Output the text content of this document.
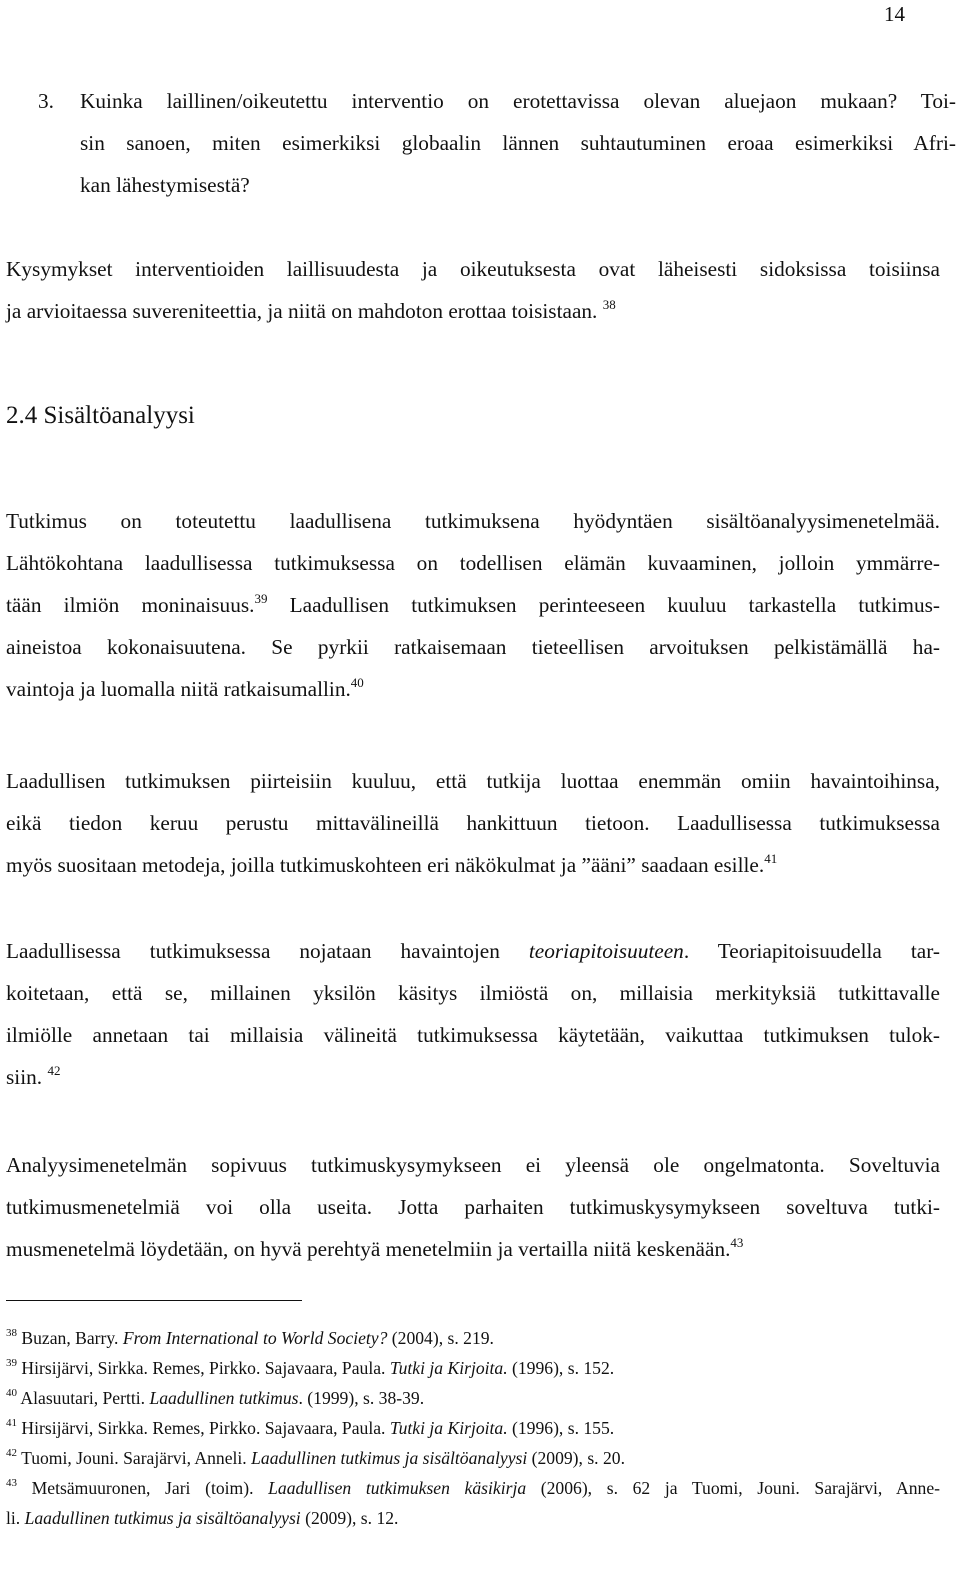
14
3. Kuinka laillinen/oikeutettu interventio on erotettavissa olevan aluejaon mukaan? Toi-
sin sanoen, miten esimerkiksi globaalin lännen suhtautuminen eroaa esimerkiksi Afri-
kan lähestymisestä?
Kysymykset interventioiden laillisuudesta ja oikeutuksesta ovat läheisesti sidoksissa toisiinsa
ja arvioitaessa suvereniteettia, ja niitä on mahdoton erottaa toisistaan. $^{38}$
2.4 Sisältöanalyysi
Tutkimus on toteutettu laadullisena tutkimuksena hyödyntäen sisältöanalyysimenetelmää.
Lähtökohtana laadullisessa tutkimuksessa on todellisen elämän kuvaaminen, jolloin ymmärre-
tään ilmiön moninaisuus.$^{39}$ Laadullisen tutkimuksen perinteeseen kuuluu tarkastella tutkimus-
aineistoa kokonaisuutena. Se pyrkii ratkaisemaan tieteellisen arvoituksen pelkistämällä ha-
vaintoja ja luomalla niitä ratkaisumallin.$^{40}$
Laadullisen tutkimuksen piirteisiin kuuluu, että tutkija luottaa enemmän omiin havaintoihinsa,
eikä tiedon keruu perustu mittavälineillä hankittuun tietoon. Laadullisessa tutkimuksessa
myös suositaan metodeja, joilla tutkimuskohteen eri näkökulmat ja ”ääni” saadaan esille.$^{41}$
Laadullisessa tutkimuksessa nojataan havaintojen teoriapitoisuuteen. Teoriapitoisuudella tar-
koitetaan, että se, millainen yksilön käsitys ilmiöstä on, millaisia merkityksiä tutkittavalle
ilmiölle annetaan tai millaisia välineitä tutkimuksessa käytetään, vaikuttaa tutkimuksen tulok-
siin. $^{42}$
Analyysimenetelmän sopivuus tutkimuskysymykseen ei yleensä ole ongelmatonta. Soveltuvia
tutkimusmenetelmiä voi olla useita. Jotta parhaiten tutkimuskysymykseen soveltuva tutki-
musmenetelmä löydetään, on hyvä perehtyä menetelmiin ja vertailla niitä keskenään.$^{43}$
$^{38}$ Buzan, Barry. From International to World Society? (2004), s. 219.
$^{39}$ Hirsijärvi, Sirkka. Remes, Pirkko. Sajavaara, Paula. Tutki ja Kirjoita. (1996), s. 152.
$^{40}$ Alasuutari, Pertti. Laadullinen tutkimus. (1999), s. 38-39.
$^{41}$ Hirsijärvi, Sirkka. Remes, Pirkko. Sajavaara, Paula. Tutki ja Kirjoita. (1996), s. 155.
$^{42}$ Tuomi, Jouni. Sarajärvi, Anneli. Laadullinen tutkimus ja sisältöanalyysi (2009), s. 20.
$^{43}$ Metsämuuronen, Jari (toim). Laadullisen tutkimuksen käsikirja (2006), s. 62 ja Tuomi, Jouni. Sarajärvi, Anne-
li. Laadullinen tutkimus ja sisältöanalyysi (2009), s. 12.
